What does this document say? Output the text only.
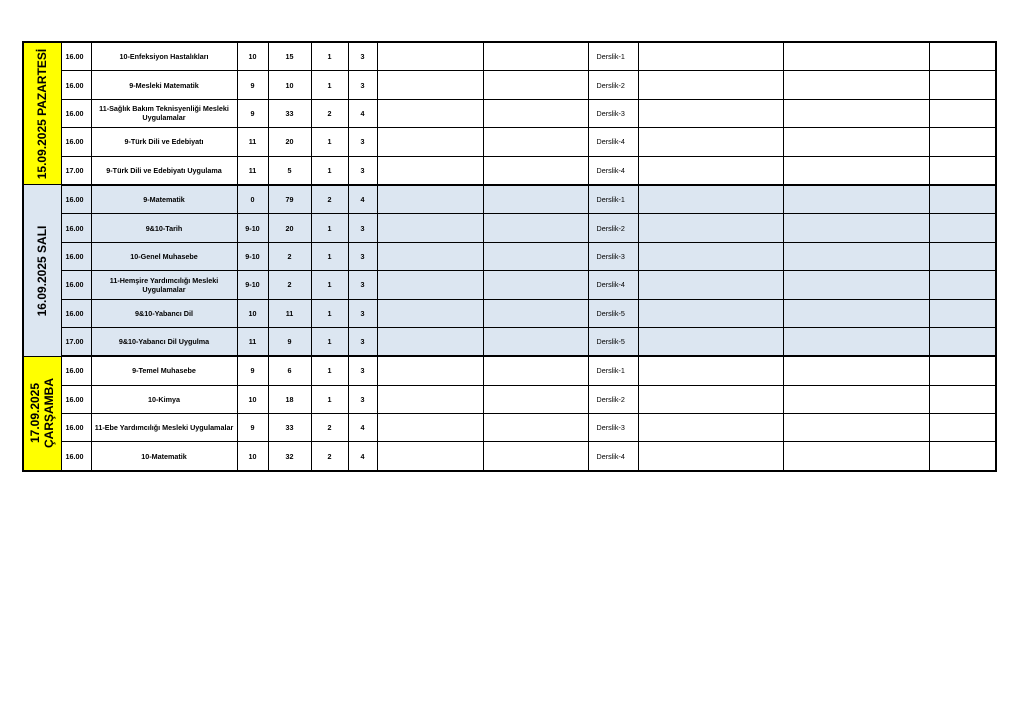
15.09.2025 PAZARTESİ	16.00	10-Enfeksiyon Hastalıkları	10	15	1	3			Derslik-1			
	16.00	9-Mesleki Matematik	9	10	1	3			Derslik-2			
	16.00	11-Sağlık Bakım Teknisyenliği Mesleki Uygulamalar	9	33	2	4			Derslik-3			
	16.00	9-Türk Dili ve Edebiyatı	11	20	1	3			Derslik-4			
	17.00	9-Türk Dili ve Edebiyatı Uygulama	11	5	1	3			Derslik-4			

16.09.2025 SALI	16.00	9-Matematik	0	79	2	4			Derslik-1			
	16.00	9&10-Tarih	9-10	20	1	3			Derslik-2			
	16.00	10-Genel Muhasebe	9-10	2	1	3			Derslik-3			
	16.00	11-Hemşire Yardımcılığı Mesleki Uygulamalar	9-10	2	1	3			Derslik-4			
	16.00	9&10-Yabancı Dil	10	11	1	3			Derslik-5			
	17.00	9&10-Yabancı Dil Uygulma	11	9	1	3			Derslik-5			

17.09.2025 ÇARŞAMBA	16.00	9-Temel Muhasebe	9	6	1	3			Derslik-1			
	16.00	10-Kimya	10	18	1	3			Derslik-2			
	16.00	11-Ebe Yardımcılığı Mesleki Uygulamalar	9	33	2	4			Derslik-3			
	16.00	10-Matematik	10	32	2	4			Derslik-4			
